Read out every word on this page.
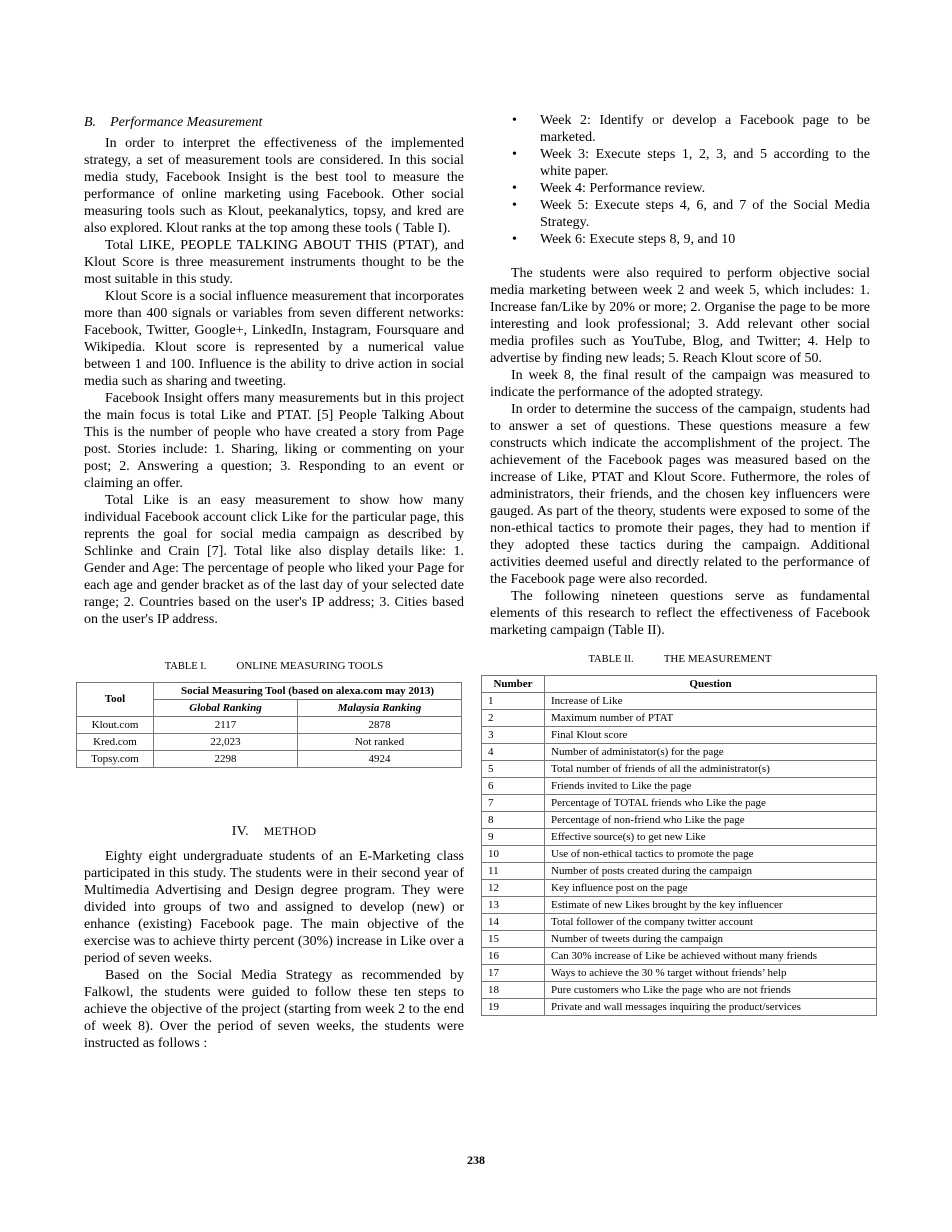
B. Performance Measurement

In order to interpret the effectiveness of the implemented strategy, a set of measurement tools are considered. In this social media study, Facebook Insight is the best tool to measure the performance of online marketing using Facebook. Other social measuring tools such as Klout, peekanalytics, topsy, and kred are also explored. Klout ranks at the top among these tools ( Table I).

Total LIKE, PEOPLE TALKING ABOUT THIS (PTAT), and Klout Score is three measurement instruments thought to be the most suitable in this study.

Klout Score is a social influence measurement that incorporates more than 400 signals or variables from seven different networks: Facebook, Twitter, Google+, LinkedIn, Instagram, Foursquare and Wikipedia. Klout score is represented by a numerical value between 1 and 100. Influence is the ability to drive action in social media such as sharing and tweeting.

Facebook Insight offers many measurements but in this project the main focus is total Like and PTAT. [5] People Talking About This is the number of people who have created a story from Page post. Stories include: 1. Sharing, liking or commenting on your post; 2. Answering a question; 3. Responding to an event or claiming an offer.

Total Like is an easy measurement to show how many individual Facebook account click Like for the particular page, this reprents the goal for social media campaign as described by Schlinke and Crain [7]. Total like also display details like: 1. Gender and Age: The percentage of people who liked your Page for each age and gender bracket as of the last day of your selected date range; 2. Countries based on the user's IP address; 3. Cities based on the user's IP address.

TABLE I.	ONLINE MEASURING TOOLS
Tool	Social Measuring Tool (based on alexa.com may 2013)	
	Global Ranking	Malaysia Ranking
Klout.com	2117	2878
Kred.com	22,023	Not ranked
Topsy.com	2298	4924
IV. METHOD

Eighty eight undergraduate students of an E-Marketing class participated in this study. The students were in their second year of Multimedia Advertising and Design degree program. They were divided into groups of two and assigned to develop (new) or enhance (existing) Facebook page. The main objective of the exercise was to achieve thirty percent (30%) increase in Like over a period of seven weeks.

Based on the Social Media Strategy as recommended by Falkowl, the students were guided to follow these ten steps to achieve the objective of the project (starting from week 2 to the end of week 8). Over the period of seven weeks, the students were instructed as follows :

• Week 2: Identify or develop a Facebook page to be marketed.
• Week 3: Execute steps 1, 2, 3, and 5 according to the white paper.
• Week 4: Performance review.
• Week 5: Execute steps 4, 6, and 7 of the Social Media Strategy.
• Week 6: Execute steps 8, 9, and 10

The students were also required to perform objective social media marketing between week 2 and week 5, which includes: 1. Increase fan/Like by 20% or more; 2. Organise the page to be more interesting and look professional; 3. Add relevant other social media profiles such as YouTube, Blog, and Twitter; 4. Help to advertise by finding new leads; 5. Reach Klout score of 50.

In week 8, the final result of the campaign was measured to indicate the performance of the adopted strategy.

In order to determine the success of the campaign, students had to answer a set of questions. These questions measure a few constructs which indicate the accomplishment of the project. The achievement of the Facebook pages was measured based on the increase of Like, PTAT and Klout Score. Futhermore, the roles of administrators, their friends, and the chosen key influencers were gauged. As part of the theory, students were exposed to some of the non-ethical tactics to promote their pages, they had to mention if they adopted these tactics during the campaign. Additional activities deemed useful and directly related to the performance of the Facebook page were also recorded.

The following nineteen questions serve as fundamental elements of this research to reflect the effectiveness of Facebook marketing campaign (Table II).

TABLE II.	THE MEASUREMENT
Number	Question
1	Increase of Like
2	Maximum number of PTAT
3	Final Klout score
4	Number of administator(s) for the page
5	Total number of friends of all the administrator(s)
6	Friends invited to Like the page
7	Percentage of TOTAL friends who Like the page
8	Percentage of non-friend who Like the page
9	Effective source(s) to get new Like
10	Use of non-ethical tactics to promote the page
11	Number of posts created during the campaign
12	Key influence post on the page
13	Estimate of new Likes brought by the key influencer
14	Total follower of the company twitter account
15	Number of tweets during the campaign
16	Can 30% increase of Like be achieved without many friends
17	Ways to achieve the 30 % target without friends’ help
18	Pure customers who Like the page who are not friends
19	Private and wall messages inquiring the product/services
238
